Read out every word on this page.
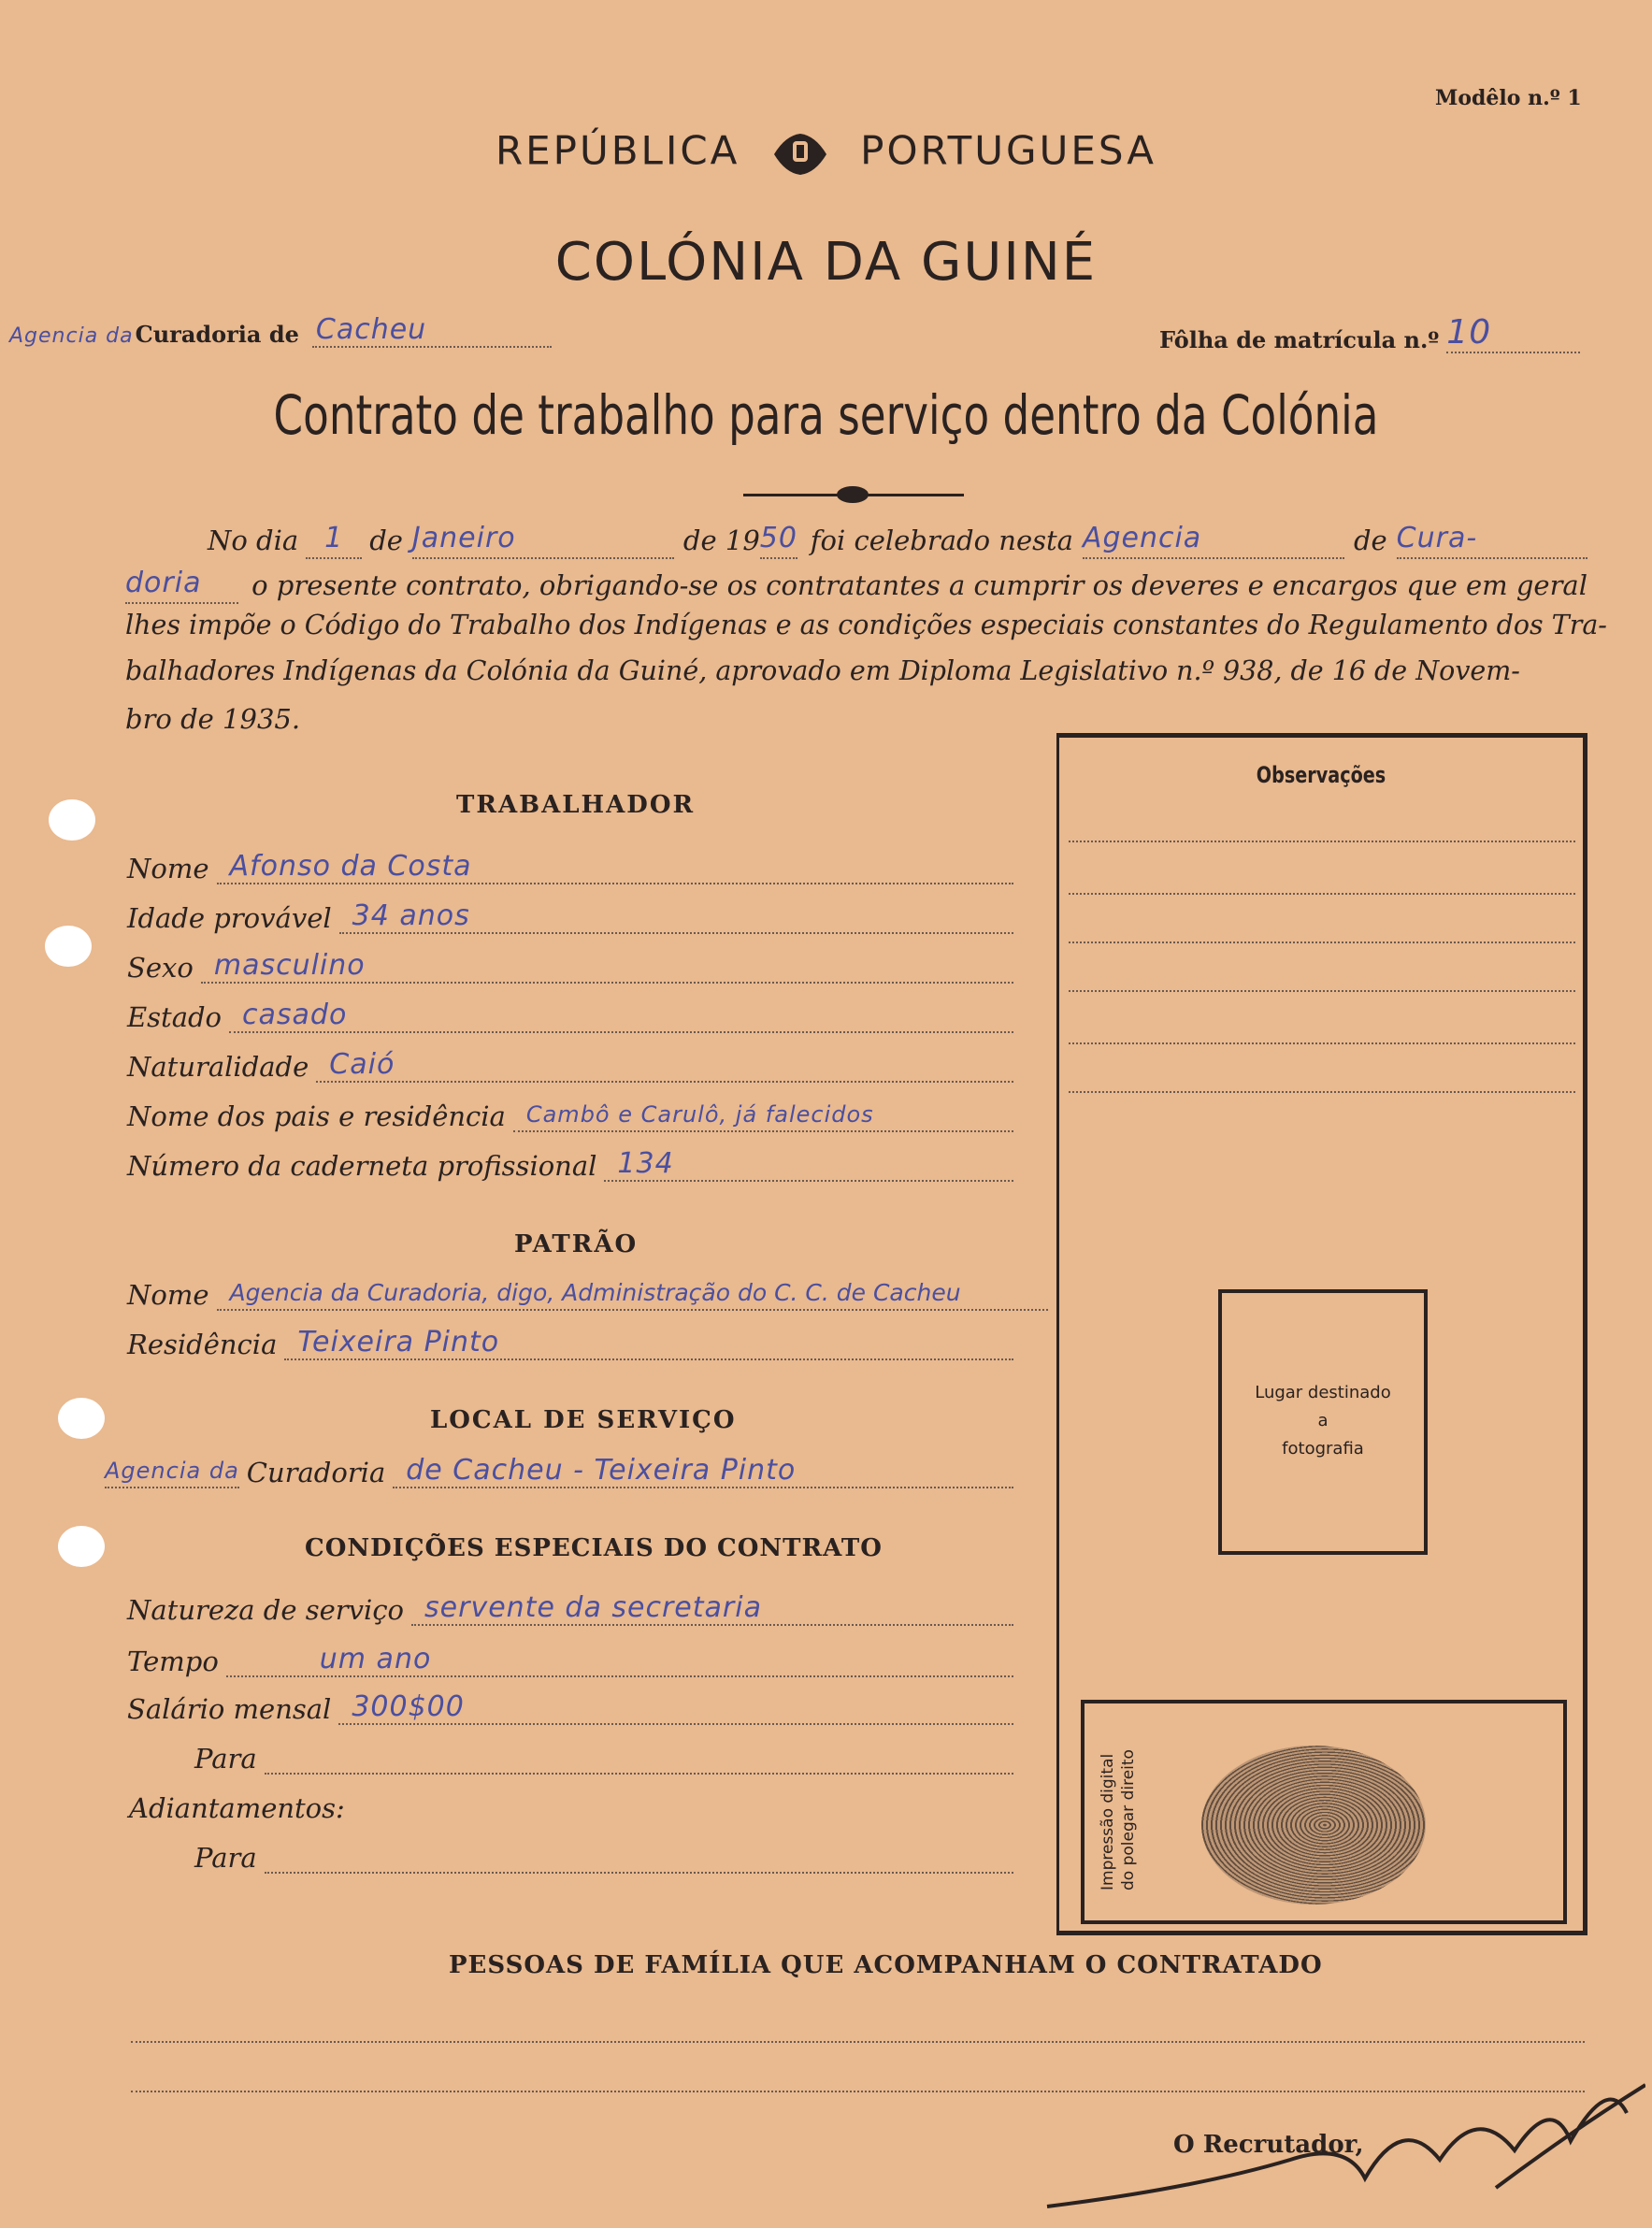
Modêlo n.º 1
REPÚBLICA	PORTUGUESA
COLÓNIA DA GUINÉ
Agencia da Curadoria de Cacheu	Fôlha de matrícula n.º 10
Contrato de trabalho para serviço dentro da Colónia
No dia 1 de Janeiro	de 19 50 foi celebrado nesta Agencia	de Cura-
doria	o presente contrato, obrigando-se os contratantes a cumprir os deveres e encargos que em geral
lhes impõe o Código do Trabalho dos Indígenas e as condições especiais constantes do Regulamento dos Tra-
balhadores Indígenas da Colónia da Guiné, aprovado em Diploma Legislativo n.º 938, de 16 de Novem-
bro de 1935.
Observações
Lugar destinado
a
fotografia
Impressão digital do polegar direito
TRABALHADOR
Nome Afonso da Costa
Idade provável 34 anos
Sexo masculino
Estado casado
Naturalidade Caió
Nome dos pais e residência Cambô e Carulô, já falecidos
Número da caderneta profissional 134
PATRÃO
Nome Agencia da Curadoria, digo, Administração do C. C. de Cacheu
Residência Teixeira Pinto
LOCAL DE SERVIÇO
Agencia da Curadoria de Cacheu - Teixeira Pinto
CONDIÇÕES ESPECIAIS DO CONTRATO
Natureza de serviço servente da secretaria
Tempo	um ano
Salário mensal 300$00
Para
Adiantamentos:
Para
PESSOAS DE FAMÍLIA QUE ACOMPANHAM O CONTRATADO
O Recrutador,
